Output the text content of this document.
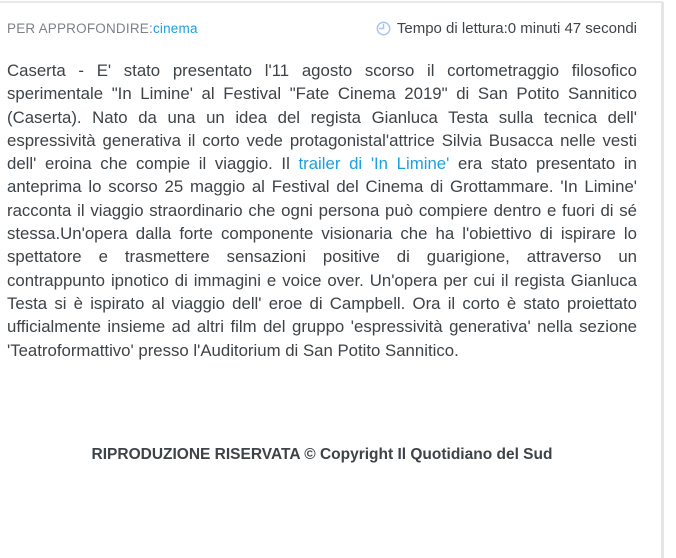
PER APPROFONDIRE:cinema	Tempo di lettura:0 minuti 47 secondi

Caserta - E' stato presentato l'11 agosto scorso il cortometraggio filosofico sperimentale "In Limine' al Festival "Fate Cinema 2019" di San Potito Sannitico (Caserta). Nato da una un idea del regista Gianluca Testa sulla tecnica dell' espressività generativa il corto vede protagonistal'attrice Silvia Busacca nelle vesti dell' eroina che compie il viaggio. Il trailer di 'In Limine' era stato presentato in anteprima lo scorso 25 maggio al Festival del Cinema di Grottammare. 'In Limine' racconta il viaggio straordinario che ogni persona può compiere dentro e fuori di sé stessa.Un'opera dalla forte componente visionaria che ha l'obiettivo di ispirare lo spettatore e trasmettere sensazioni positive di guarigione, attraverso un contrappunto ipnotico di immagini e voice over. Un'opera per cui il regista Gianluca Testa si è ispirato al viaggio dell' eroe di Campbell. Ora il corto è stato proiettato ufficialmente insieme ad altri film del gruppo 'espressività generativa' nella sezione 'Teatroformattivo' presso l'Auditorium di San Potito Sannitico.

RIPRODUZIONE RISERVATA © Copyright Il Quotidiano del Sud
